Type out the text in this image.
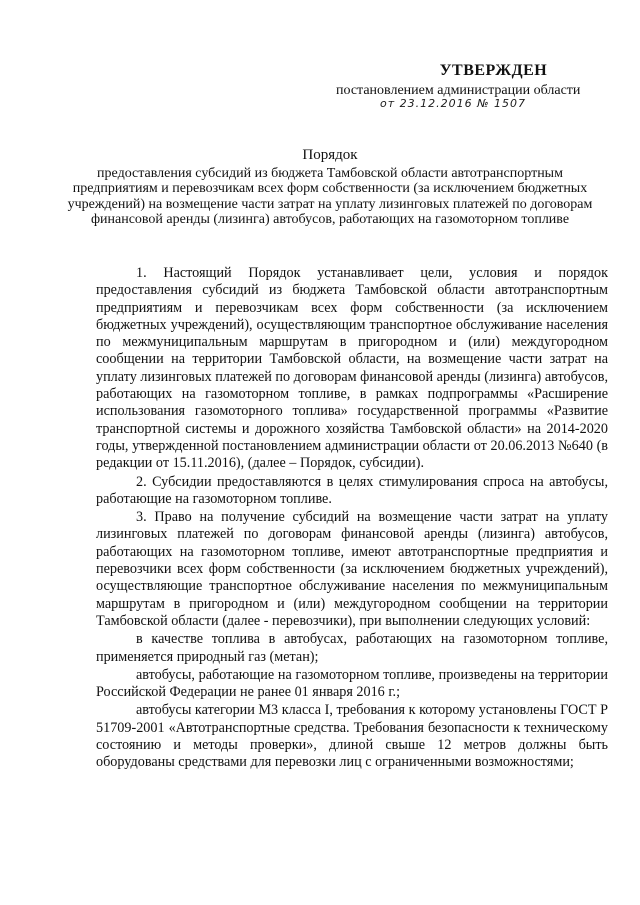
УТВЕРЖДЕН
постановлением администрации области
от 23.12.2016 № 1507
Порядок
предоставления субсидий из бюджета Тамбовской области автотранспортным предприятиям и перевозчикам всех форм собственности (за исключением бюджетных учреждений) на возмещение части затрат на уплату лизинговых платежей по договорам финансовой аренды (лизинга) автобусов, работающих на газомоторном топливе

1. Настоящий Порядок устанавливает цели, условия и порядок предоставления субсидий из бюджета Тамбовской области автотранспортным предприятиям и перевозчикам всех форм собственности (за исключением бюджетных учреждений), осуществляющим транспортное обслуживание населения по межмуниципальным маршрутам в пригородном и (или) междугородном сообщении на территории Тамбовской области, на возмещение части затрат на уплату лизинговых платежей по договорам финансовой аренды (лизинга) автобусов, работающих на газомоторном топливе, в рамках подпрограммы «Расширение использования газомоторного топлива» государственной программы «Развитие транспортной системы и дорожного хозяйства Тамбовской области» на 2014-2020 годы, утвержденной постановлением администрации области от 20.06.2013 №640 (в редакции от 15.11.2016), (далее – Порядок, субсидии).

2. Субсидии предоставляются в целях стимулирования спроса на автобусы, работающие на газомоторном топливе.

3. Право на получение субсидий на возмещение части затрат на уплату лизинговых платежей по договорам финансовой аренды (лизинга) автобусов, работающих на газомоторном топливе, имеют автотранспортные предприятия и перевозчики всех форм собственности (за исключением бюджетных учреждений), осуществляющие транспортное обслуживание населения по межмуниципальным маршрутам в пригородном и (или) междугородном сообщении на территории Тамбовской области (далее - перевозчики), при выполнении следующих условий:

в качестве топлива в автобусах, работающих на газомоторном топливе, применяется природный газ (метан);

автобусы, работающие на газомоторном топливе, произведены на территории Российской Федерации не ранее 01 января 2016 г.;

автобусы категории М3 класса I, требования к которому установлены ГОСТ Р 51709-2001 «Автотранспортные средства. Требования безопасности к техническому состоянию и методы проверки», длиной свыше 12 метров должны быть оборудованы средствами для перевозки лиц с ограниченными возможностями;
